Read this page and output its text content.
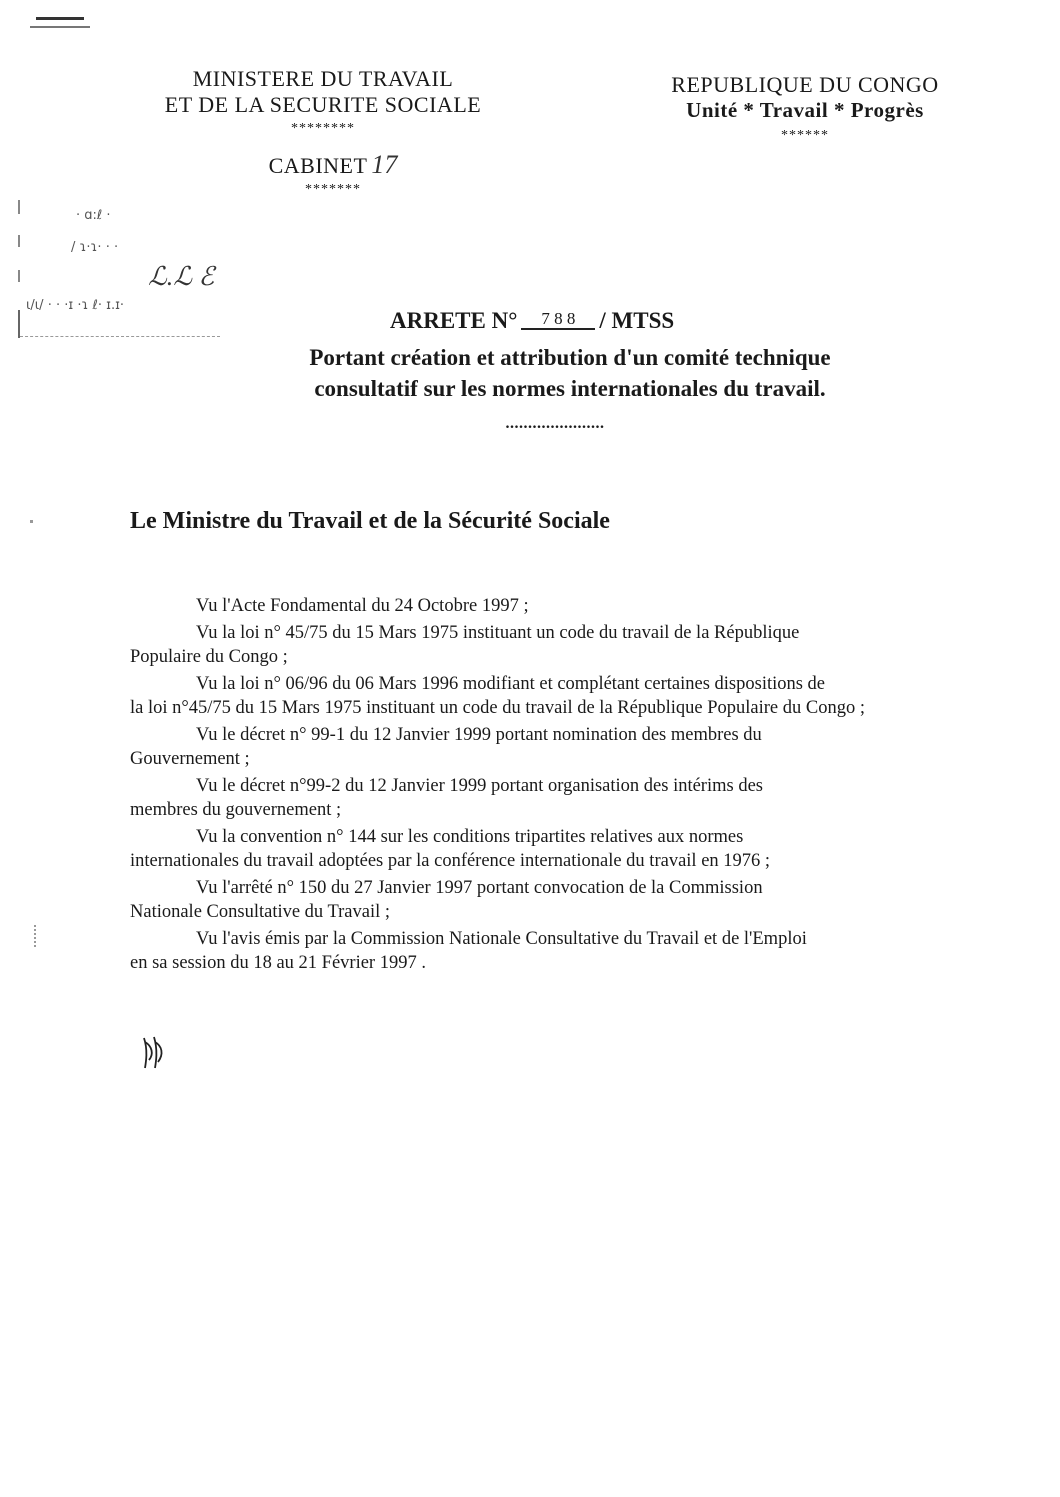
· ɑ:ℓ ·
/ ɿ·ɿ· · ·
ℒ.ℒ ℰ
ɩ/ɩ/ · · ·ɪ ·ɿ ℓ· ɪ.ɪ·
MINISTERE DU TRAVAIL
ET DE LA SECURITE SOCIALE
********
CABINET 17
*******
REPUBLIQUE DU CONGO
Unité * Travail * Progrès
******
ARRETE N° 7 8 8 / MTSS
Portant création et attribution d'un comité technique
consultatif sur les normes internationales du travail.
......................
Le Ministre du Travail et de la Sécurité Sociale
Vu l'Acte Fondamental du 24 Octobre 1997 ;
Vu la loi n° 45/75 du 15 Mars 1975 instituant un code du travail de la République
Populaire du Congo ;
Vu la loi n° 06/96 du 06 Mars 1996 modifiant et complétant certaines dispositions de
la loi n°45/75 du 15 Mars 1975 instituant un code du travail de la République Populaire du Congo ;
Vu le décret n° 99-1 du 12 Janvier 1999 portant nomination des membres du
Gouvernement ;
Vu le décret n°99-2 du 12 Janvier 1999 portant organisation des intérims des
membres du gouvernement ;
Vu la convention n° 144 sur les conditions tripartites relatives aux normes
internationales du travail adoptées par la conférence internationale du travail en 1976 ;
Vu l'arrêté n° 150 du 27 Janvier 1997 portant convocation de la Commission
Nationale Consultative du Travail ;
Vu l'avis émis par la Commission Nationale Consultative du Travail et de l'Emploi
en sa session du 18 au 21 Février 1997 .
